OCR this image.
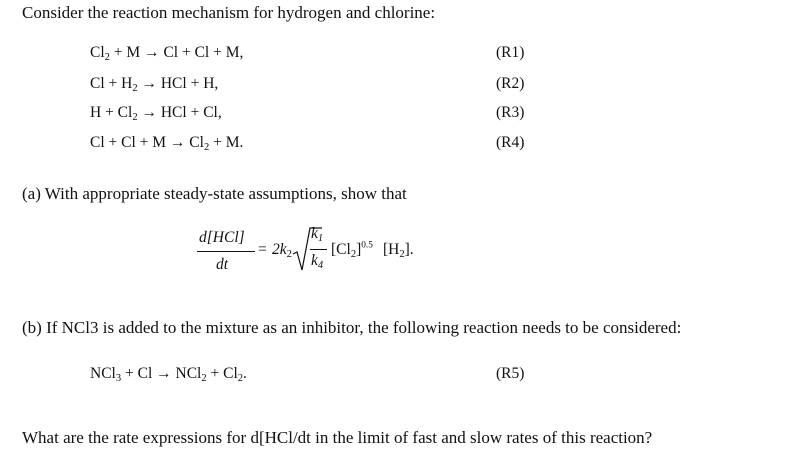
Consider the reaction mechanism for hydrogen and chlorine:
$Cl_2 + M \to Cl + Cl + M$,	(R1)
$Cl + H_2$ → HCl + H,	(R2)
$H + Cl_2$ → HCl + Cl,	(R3)
$Cl + Cl + M \to Cl_2 + M$.	(R4)
(a) With appropriate steady-state assumptions, show that
d[HCl]
dt
= $2k_2$
$k_1$
$k_4$
$[Cl_2]^{0.5}$ $[H_2]$.
(b) If NCl3 is added to the mixture as an inhibitor, the following reaction needs to be considered:
$NCl_3 + Cl \to NCl_2 + Cl_2$.	(R5)
What are the rate expressions for d[HCl/dt in the limit of fast and slow rates of this reaction?
